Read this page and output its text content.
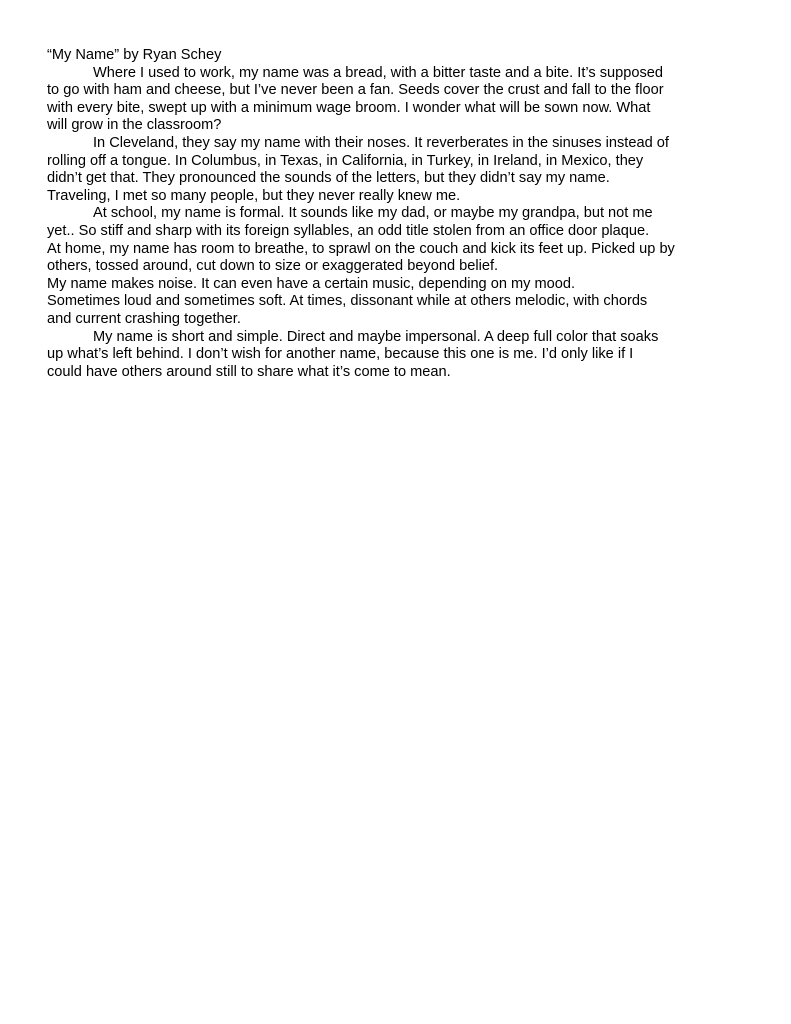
“My Name” by Ryan Schey
Where I used to work, my name was a bread, with a bitter taste and a bite. It’s supposed
to go with ham and cheese, but I’ve never been a fan. Seeds cover the crust and fall to the floor
with every bite, swept up with a minimum wage broom. I wonder what will be sown now. What
will grow in the classroom?
In Cleveland, they say my name with their noses. It reverberates in the sinuses instead of
rolling off a tongue. In Columbus, in Texas, in California, in Turkey, in Ireland, in Mexico, they
didn’t get that. They pronounced the sounds of the letters, but they didn’t say my name.
Traveling, I met so many people, but they never really knew me.
At school, my name is formal. It sounds like my dad, or maybe my grandpa, but not me
yet.. So stiff and sharp with its foreign syllables, an odd title stolen from an office door plaque.
At home, my name has room to breathe, to sprawl on the couch and kick its feet up. Picked up by
others, tossed around, cut down to size or exaggerated beyond belief.
My name makes noise. It can even have a certain music, depending on my mood.
Sometimes loud and sometimes soft. At times, dissonant while at others melodic, with chords
and current crashing together.
My name is short and simple. Direct and maybe impersonal. A deep full color that soaks
up what’s left behind. I don’t wish for another name, because this one is me. I’d only like if I
could have others around still to share what it’s come to mean.
